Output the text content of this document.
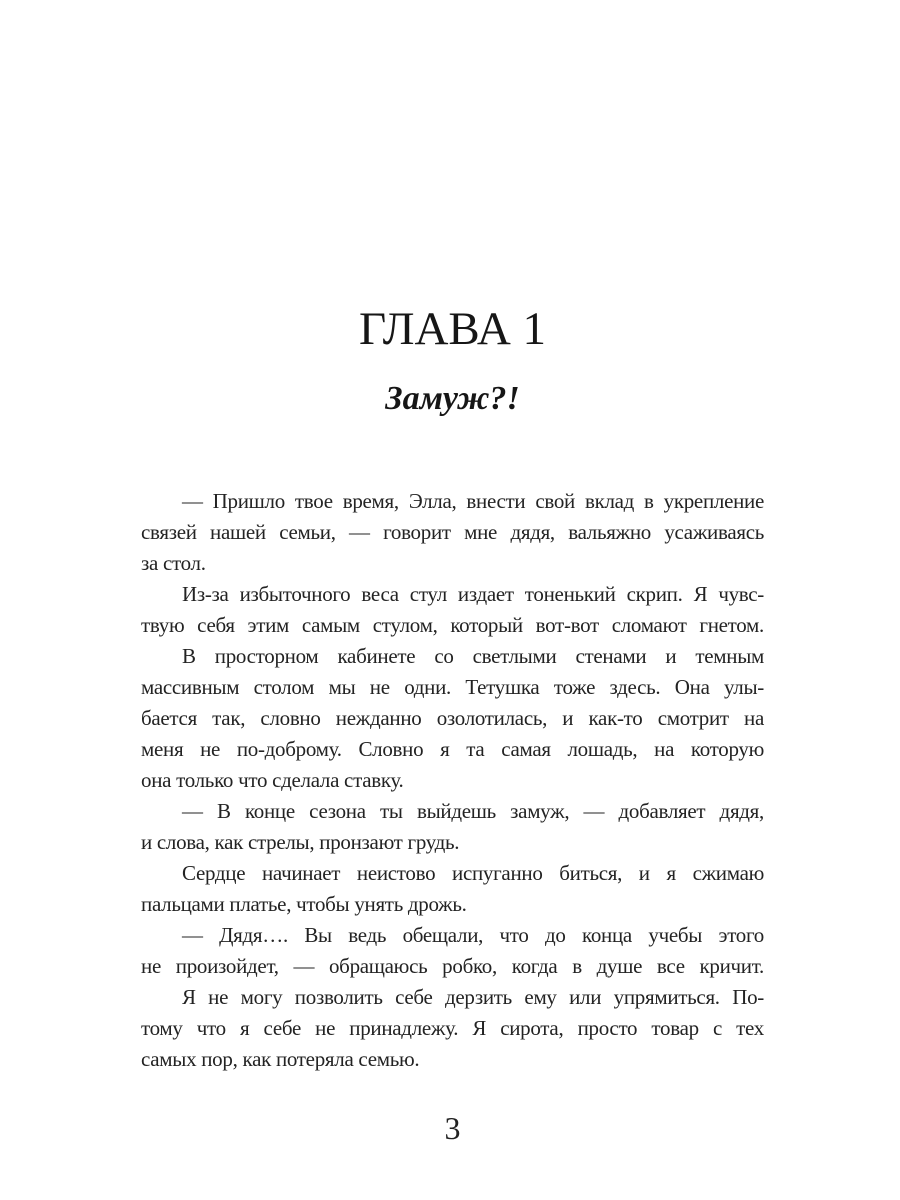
ГЛАВА 1
Замуж?!
— Пришло твое время, Элла, внести свой вклад в укрепление
связей нашей семьи, — говорит мне дядя, вальяжно усаживаясь
за стол.
Из-за избыточного веса стул издает тоненький скрип. Я чувс-
твую себя этим самым стулом, который вот-вот сломают гнетом.
В просторном кабинете со светлыми стенами и темным
массивным столом мы не одни. Тетушка тоже здесь. Она улы-
бается так, словно нежданно озолотилась, и как-то смотрит на
меня не по-доброму. Словно я та самая лошадь, на которую
она только что сделала ставку.
— В конце сезона ты выйдешь замуж, — добавляет дядя,
и слова, как стрелы, пронзают грудь.
Сердце начинает неистово испуганно биться, и я сжимаю
пальцами платье, чтобы унять дрожь.
— Дядя…. Вы ведь обещали, что до конца учебы этого
не произойдет, — обращаюсь робко, когда в душе все кричит.
Я не могу позволить себе дерзить ему или упрямиться. По-
тому что я себе не принадлежу. Я сирота, просто товар с тех
самых пор, как потеряла семью.
3
